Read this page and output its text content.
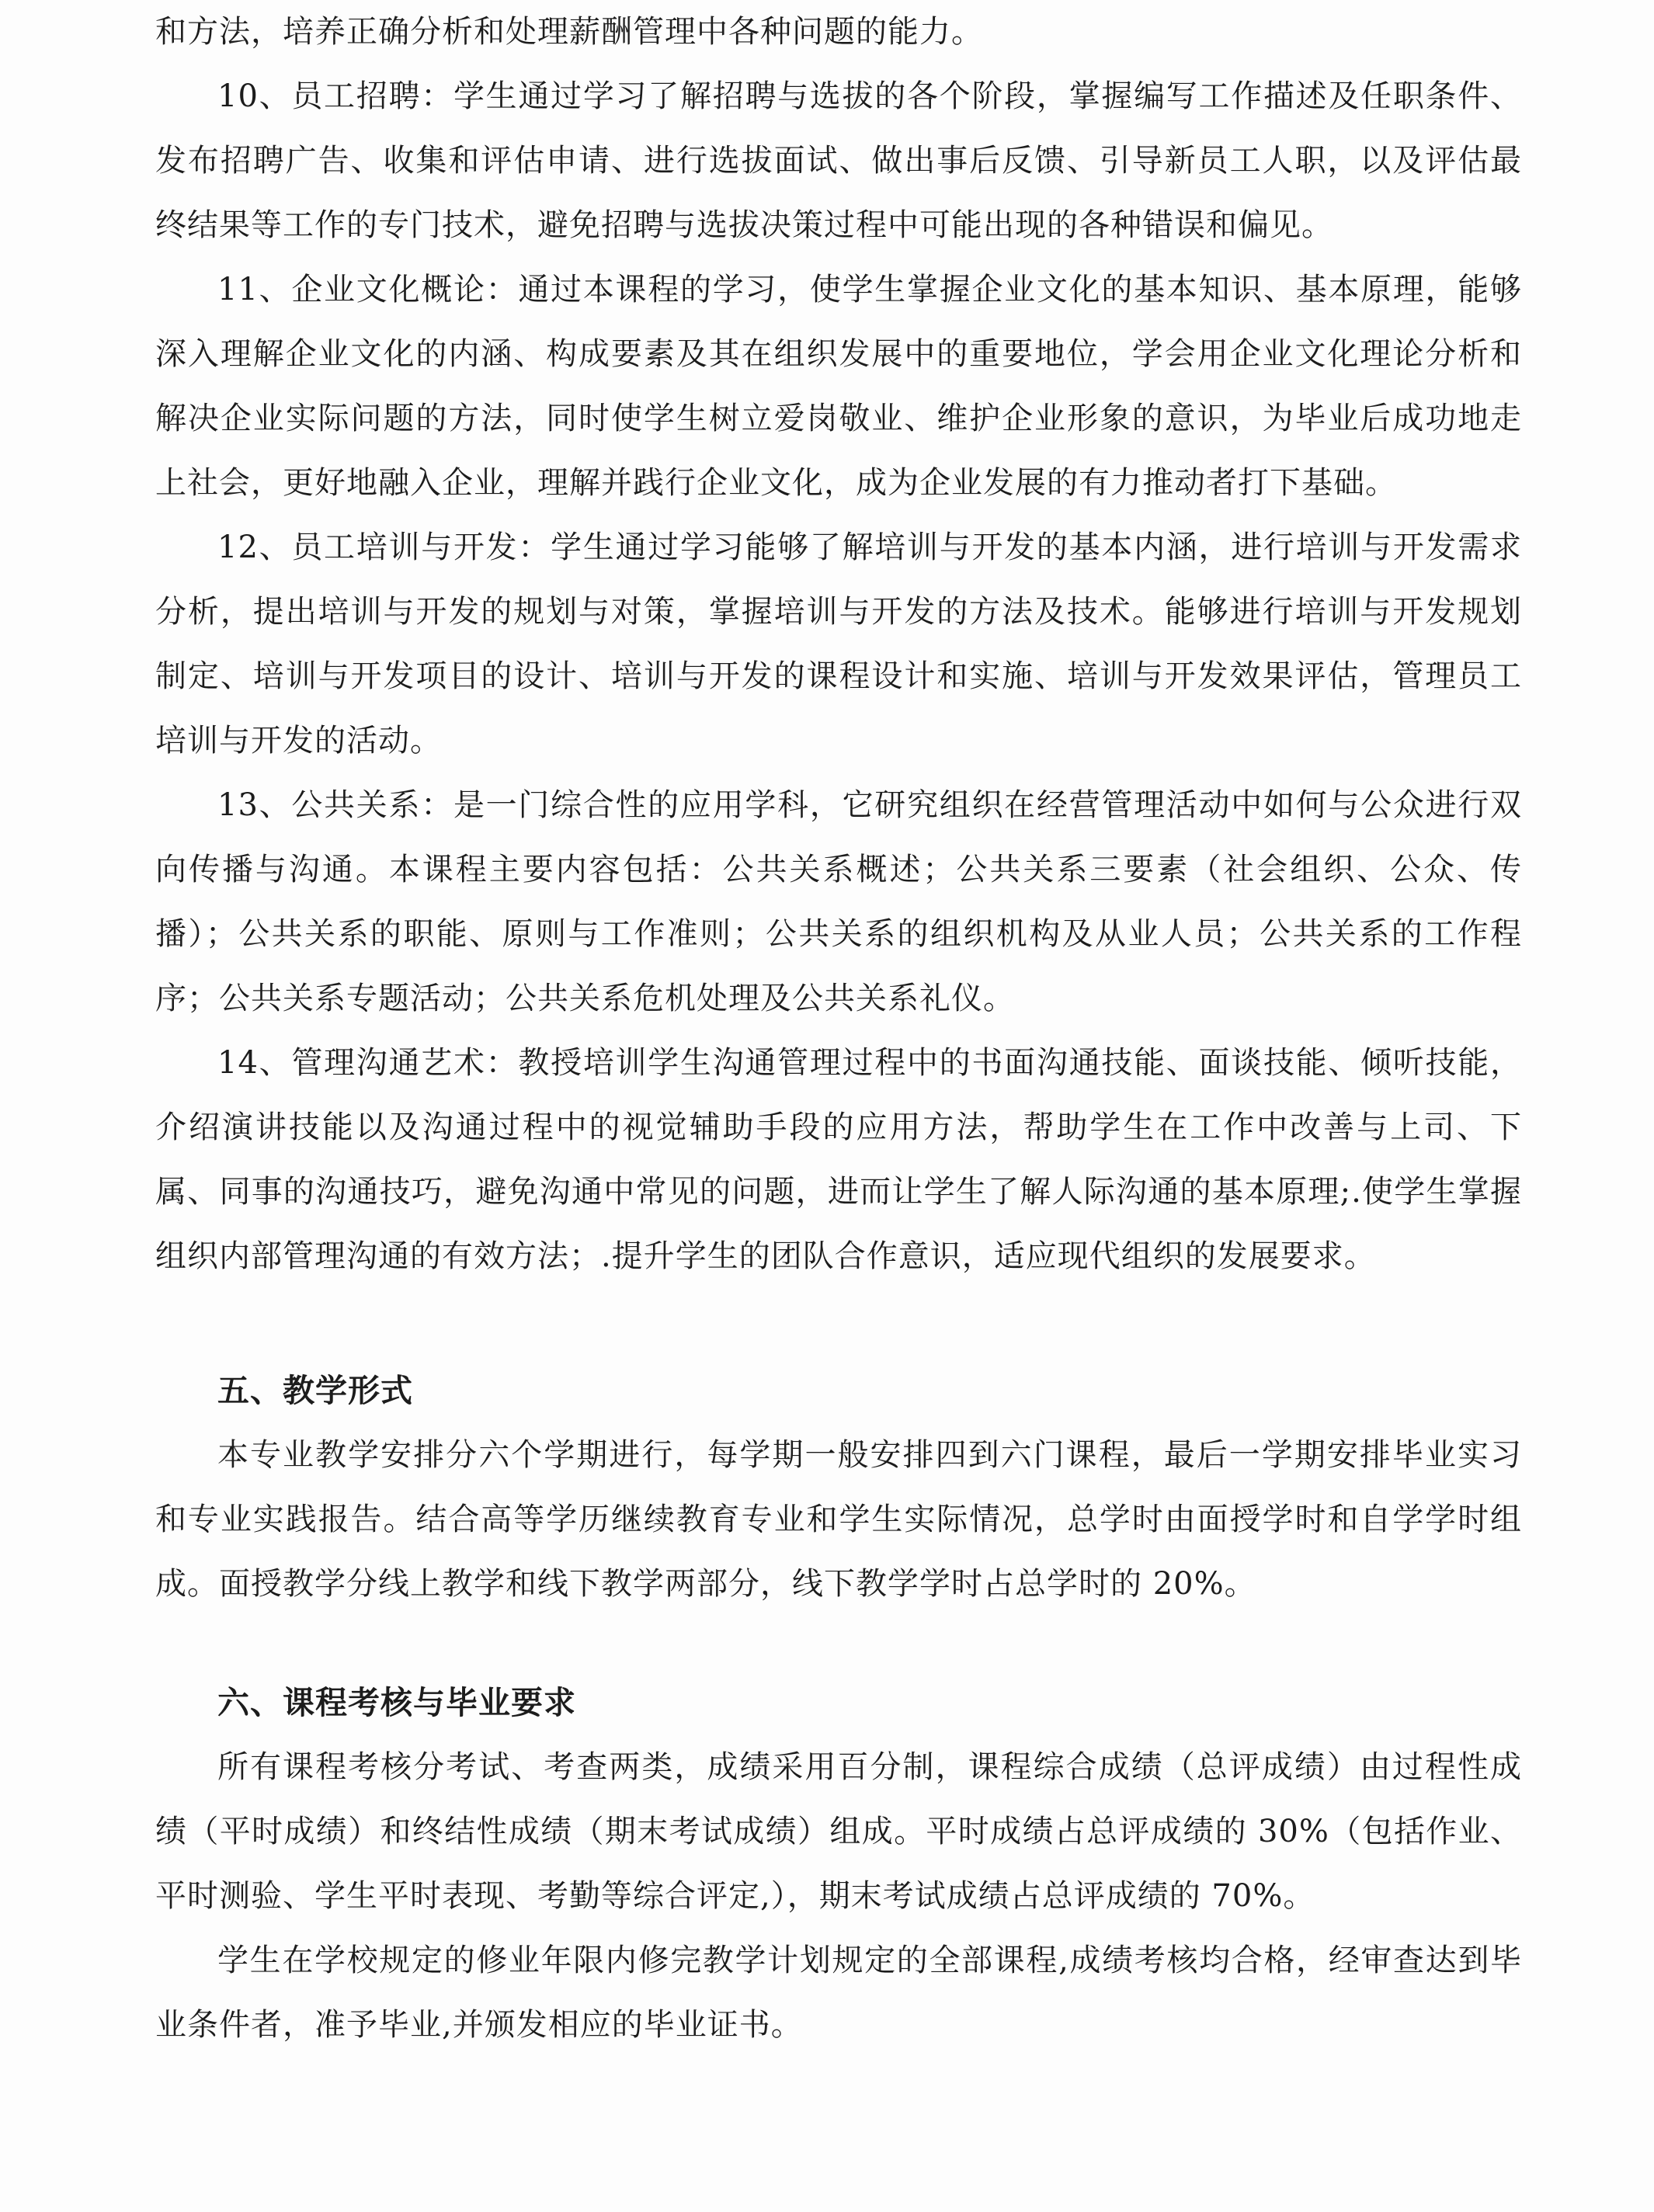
和方法，培养正确分析和处理薪酬管理中各种问题的能力。

10、员工招聘：学生通过学习了解招聘与选拔的各个阶段，掌握编写工作描述及任职条件、发布招聘广告、收集和评估申请、进行选拔面试、做出事后反馈、引导新员工人职，以及评估最终结果等工作的专门技术，避免招聘与选拔决策过程中可能出现的各种错误和偏见。

11、企业文化概论：通过本课程的学习，使学生掌握企业文化的基本知识、基本原理，能够深入理解企业文化的内涵、构成要素及其在组织发展中的重要地位，学会用企业文化理论分析和解决企业实际问题的方法，同时使学生树立爱岗敬业、维护企业形象的意识，为毕业后成功地走上社会，更好地融入企业，理解并践行企业文化，成为企业发展的有力推动者打下基础。

12、员工培训与开发：学生通过学习能够了解培训与开发的基本内涵，进行培训与开发需求分析，提出培训与开发的规划与对策，掌握培训与开发的方法及技术。能够进行培训与开发规划制定、培训与开发项目的设计、培训与开发的课程设计和实施、培训与开发效果评估，管理员工培训与开发的活动。

13、公共关系：是一门综合性的应用学科，它研究组织在经营管理活动中如何与公众进行双向传播与沟通。本课程主要内容包括：公共关系概述；公共关系三要素（社会组织、公众、传播）；公共关系的职能、原则与工作准则；公共关系的组织机构及从业人员；公共关系的工作程序；公共关系专题活动；公共关系危机处理及公共关系礼仪。

14、管理沟通艺术：教授培训学生沟通管理过程中的书面沟通技能、面谈技能、倾听技能，介绍演讲技能以及沟通过程中的视觉辅助手段的应用方法，帮助学生在工作中改善与上司、下属、同事的沟通技巧，避免沟通中常见的问题，进而让学生了解人际沟通的基本原理;.使学生掌握组织内部管理沟通的有效方法；.提升学生的团队合作意识，适应现代组织的发展要求。

五、教学形式

本专业教学安排分六个学期进行，每学期一般安排四到六门课程，最后一学期安排毕业实习和专业实践报告。结合高等学历继续教育专业和学生实际情况，总学时由面授学时和自学学时组成。面授教学分线上教学和线下教学两部分，线下教学学时占总学时的 20%。

六、课程考核与毕业要求

所有课程考核分考试、考查两类，成绩采用百分制，课程综合成绩（总评成绩）由过程性成绩（平时成绩）和终结性成绩（期末考试成绩）组成。平时成绩占总评成绩的 30%（包括作业、平时测验、学生平时表现、考勤等综合评定,），期末考试成绩占总评成绩的 70%。

学生在学校规定的修业年限内修完教学计划规定的全部课程,成绩考核均合格，经审查达到毕业条件者，准予毕业,并颁发相应的毕业证书。
